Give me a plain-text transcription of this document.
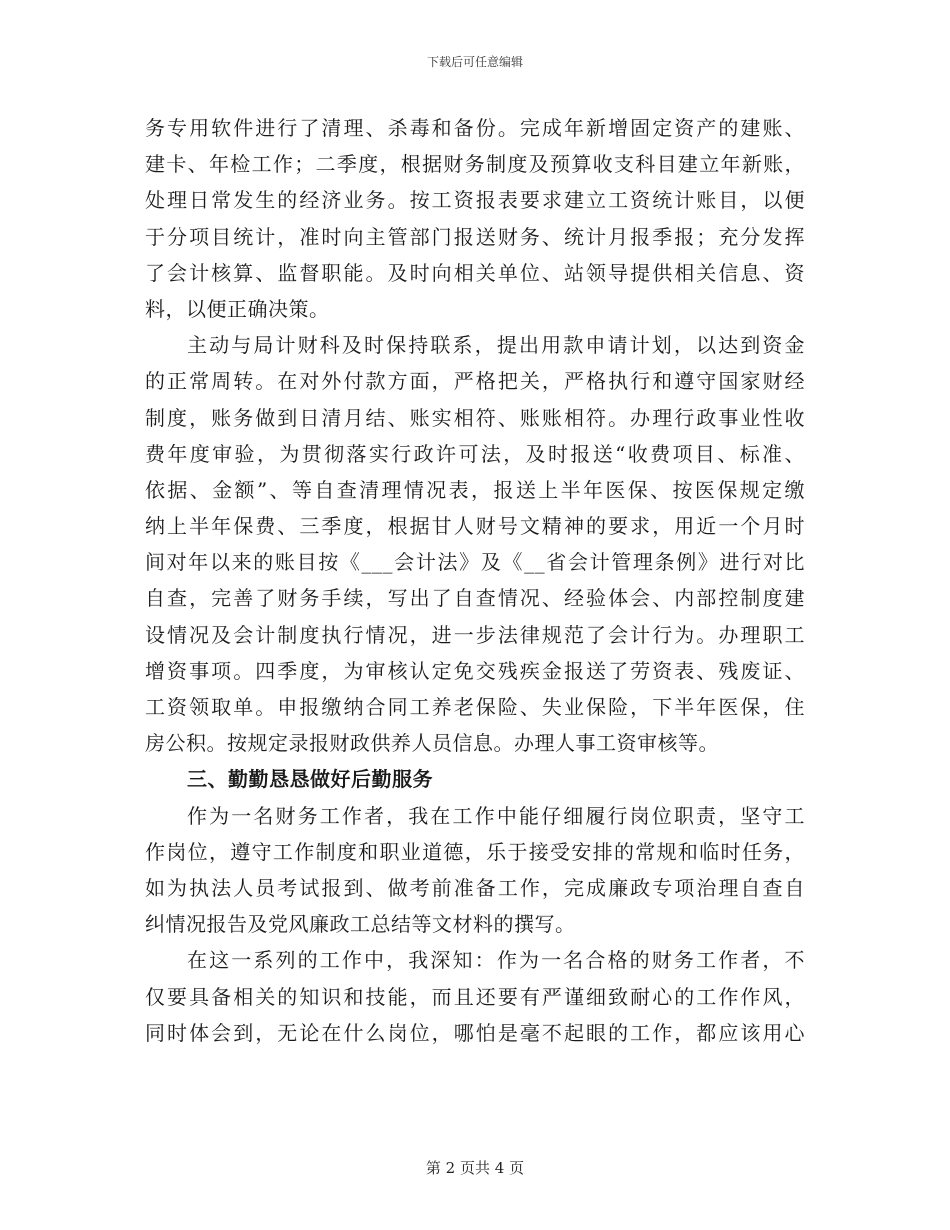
下载后可任意编辑
务专用软件进行了清理、杀毒和备份。完成年新增固定资产的建账、
建卡、年检工作；二季度，根据财务制度及预算收支科目建立年新账，
处理日常发生的经济业务。按工资报表要求建立工资统计账目，以便
于分项目统计，准时向主管部门报送财务、统计月报季报；充分发挥
了会计核算、监督职能。及时向相关单位、站领导提供相关信息、资
料，以便正确决策。
主动与局计财科及时保持联系，提出用款申请计划，以达到资金
的正常周转。在对外付款方面，严格把关，严格执行和遵守国家财经
制度，账务做到日清月结、账实相符、账账相符。办理行政事业性收
费年度审验，为贯彻落实行政许可法，及时报送“收费项目、标准、
依据、金额”、等自查清理情况表，报送上半年医保、按医保规定缴
纳上半年保费、三季度，根据甘人财号文精神的要求，用近一个月时
间对年以来的账目按《___会计法》及《__省会计管理条例》进行对比
自查，完善了财务手续，写出了自查情况、经验体会、内部控制度建
设情况及会计制度执行情况，进一步法律规范了会计行为。办理职工
增资事项。四季度，为审核认定免交残疾金报送了劳资表、残废证、
工资领取单。申报缴纳合同工养老保险、失业保险，下半年医保，住
房公积。按规定录报财政供养人员信息。办理人事工资审核等。
三、勤勤恳恳做好后勤服务
作为一名财务工作者，我在工作中能仔细履行岗位职责，坚守工
作岗位，遵守工作制度和职业道德，乐于接受安排的常规和临时任务，
如为执法人员考试报到、做考前准备工作，完成廉政专项治理自查自
纠情况报告及党风廉政工总结等文材料的撰写。
在这一系列的工作中，我深知：作为一名合格的财务工作者，不
仅要具备相关的知识和技能，而且还要有严谨细致耐心的工作作风，
同时体会到，无论在什么岗位，哪怕是毫不起眼的工作，都应该用心
第 2 页共 4 页
